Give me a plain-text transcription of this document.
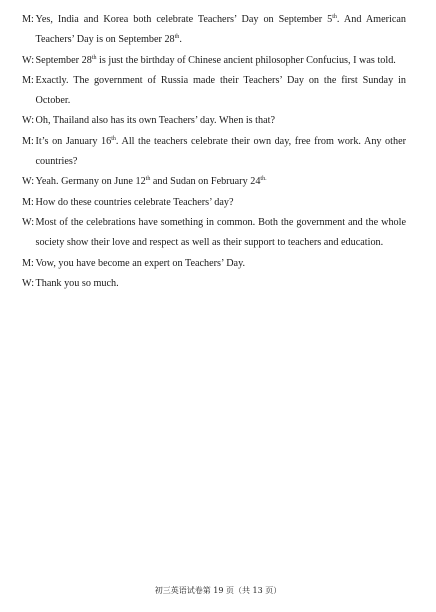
M: Yes, India and Korea both celebrate Teachers’ Day on September 5th. And American Teachers’ Day is on September 28th.
W: September 28th is just the birthday of Chinese ancient philosopher Confucius, I was told.
M: Exactly. The government of Russia made their Teachers’ Day on the first Sunday in October.
W: Oh, Thailand also has its own Teachers’ day. When is that?
M: It’s on January 16th. All the teachers celebrate their own day, free from work. Any other countries?
W: Yeah. Germany on June 12th and Sudan on February $24^{th.}$
M: How do these countries celebrate Teachers’ day?
W: Most of the celebrations have something in common. Both the government and the whole society show their love and respect as well as their support to teachers and education.
M: Vow, you have become an expert on Teachers’ Day.
W: Thank you so much.
初三英语试卷第 19 页（共 13 页）
